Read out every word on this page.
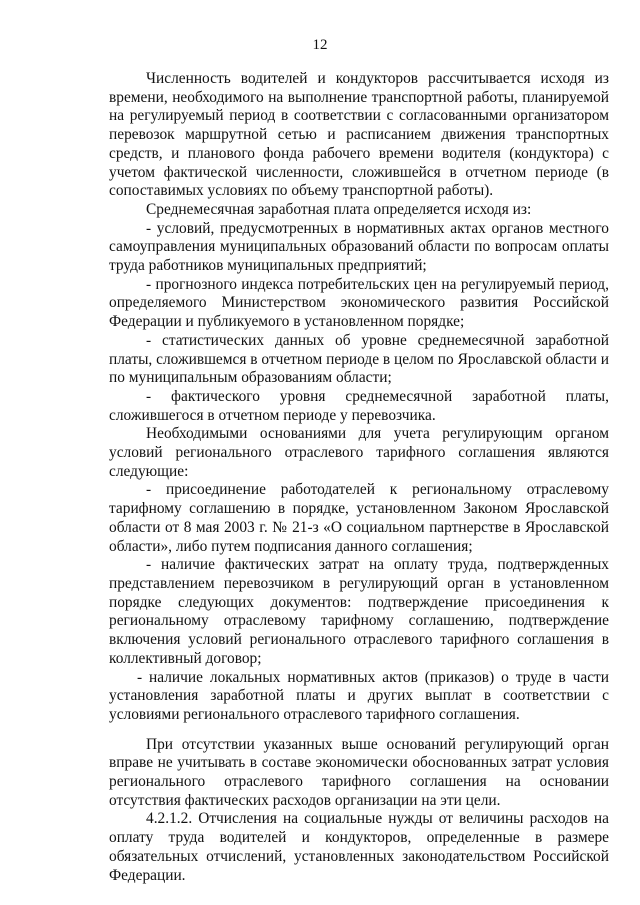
12

Численность водителей и кондукторов рассчитывается исходя из времени, необходимого на выполнение транспортной работы, планируемой на регулируемый период в соответствии с согласованными организатором перевозок маршрутной сетью и расписанием движения транспортных средств, и планового фонда рабочего времени водителя (кондуктора) с учетом фактической численности, сложившейся в отчетном периоде (в сопоставимых условиях по объему транспортной работы).

Среднемесячная заработная плата определяется исходя из:

- условий, предусмотренных в нормативных актах органов местного самоуправления муниципальных образований области по вопросам оплаты труда работников муниципальных предприятий;

- прогнозного индекса потребительских цен на регулируемый период, определяемого Министерством экономического развития Российской Федерации и публикуемого в установленном порядке;

- статистических данных об уровне среднемесячной заработной платы, сложившемся в отчетном периоде в целом по Ярославской области и по муниципальным образованиям области;

- фактического уровня среднемесячной заработной платы, сложившегося в отчетном периоде у перевозчика.

Необходимыми основаниями для учета регулирующим органом условий регионального отраслевого тарифного соглашения являются следующие:

- присоединение работодателей к региональному отраслевому тарифному соглашению в порядке, установленном Законом Ярославской области от 8 мая 2003 г. № 21-з «О социальном партнерстве в Ярославской области», либо путем подписания данного соглашения;

- наличие фактических затрат на оплату труда, подтвержденных представлением перевозчиком в регулирующий орган в установленном порядке следующих документов: подтверждение присоединения к региональному отраслевому тарифному соглашению, подтверждение включения условий регионального отраслевого тарифного соглашения в коллективный договор;

- наличие локальных нормативных актов (приказов) о труде в части установления заработной платы и других выплат в соответствии с условиями регионального отраслевого тарифного соглашения.

При отсутствии указанных выше оснований регулирующий орган вправе не учитывать в составе экономически обоснованных затрат условия регионального отраслевого тарифного соглашения на основании отсутствия фактических расходов организации на эти цели.

4.2.1.2. Отчисления на социальные нужды от величины расходов на оплату труда водителей и кондукторов, определенные в размере обязательных отчислений, установленных законодательством Российской Федерации.
